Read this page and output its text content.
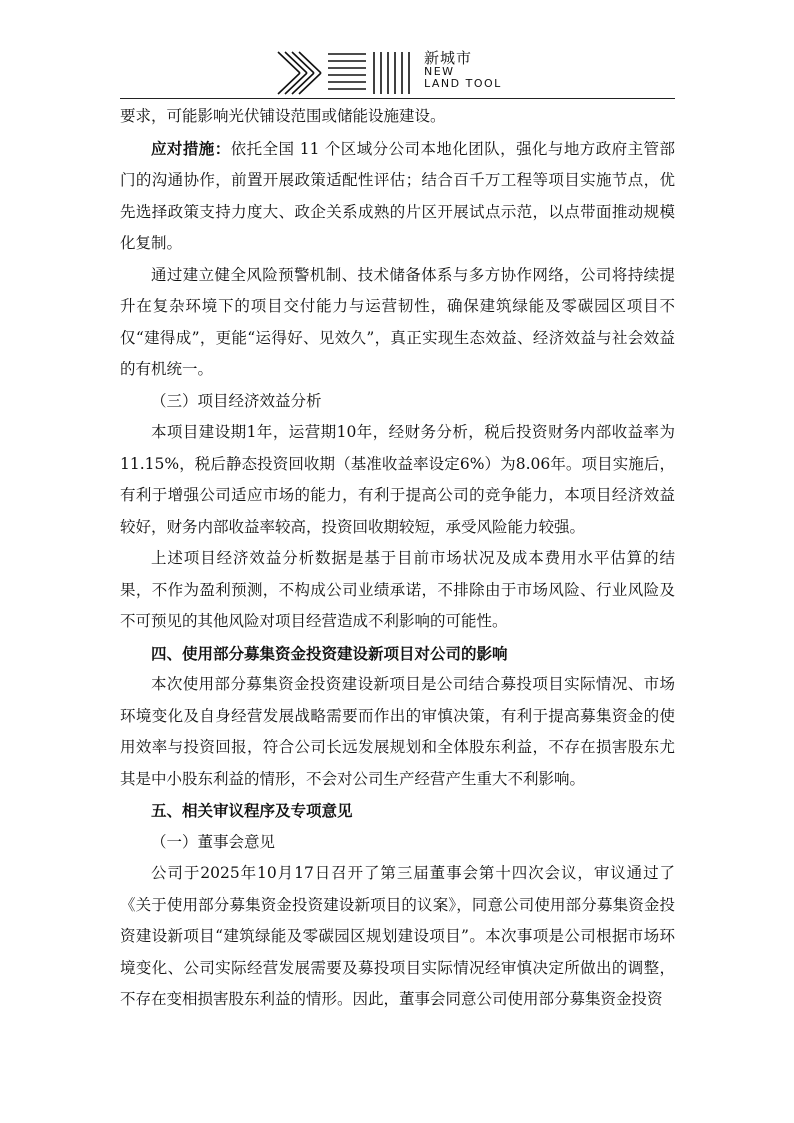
新城市
NEW
LAND TOOL

要求，可能影响光伏铺设范围或储能设施建设。

应对措施：依托全国 11 个区域分公司本地化团队，强化与地方政府主管部门的沟通协作，前置开展政策适配性评估；结合百千万工程等项目实施节点，优先选择政策支持力度大、政企关系成熟的片区开展试点示范，以点带面推动规模化复制。

通过建立健全风险预警机制、技术储备体系与多方协作网络，公司将持续提升在复杂环境下的项目交付能力与运营韧性，确保建筑绿能及零碳园区项目不仅“建得成”，更能“运得好、见效久”，真正实现生态效益、经济效益与社会效益的有机统一。

（三）项目经济效益分析

本项目建设期1年，运营期10年，经财务分析，税后投资财务内部收益率为11.15%，税后静态投资回收期（基准收益率设定6%）为8.06年。项目实施后，有利于增强公司适应市场的能力，有利于提高公司的竞争能力，本项目经济效益较好，财务内部收益率较高，投资回收期较短，承受风险能力较强。

上述项目经济效益分析数据是基于目前市场状况及成本费用水平估算的结果，不作为盈利预测，不构成公司业绩承诺，不排除由于市场风险、行业风险及不可预见的其他风险对项目经营造成不利影响的可能性。

四、使用部分募集资金投资建设新项目对公司的影响

本次使用部分募集资金投资建设新项目是公司结合募投项目实际情况、市场环境变化及自身经营发展战略需要而作出的审慎决策，有利于提高募集资金的使用效率与投资回报，符合公司长远发展规划和全体股东利益，不存在损害股东尤其是中小股东利益的情形，不会对公司生产经营产生重大不利影响。

五、相关审议程序及专项意见

（一）董事会意见

公司于2025年10月17日召开了第三届董事会第十四次会议，审议通过了《关于使用部分募集资金投资建设新项目的议案》，同意公司使用部分募集资金投资建设新项目“建筑绿能及零碳园区规划建设项目”。本次事项是公司根据市场环境变化、公司实际经营发展需要及募投项目实际情况经审慎决定所做出的调整，不存在变相损害股东利益的情形。因此，董事会同意公司使用部分募集资金投资
